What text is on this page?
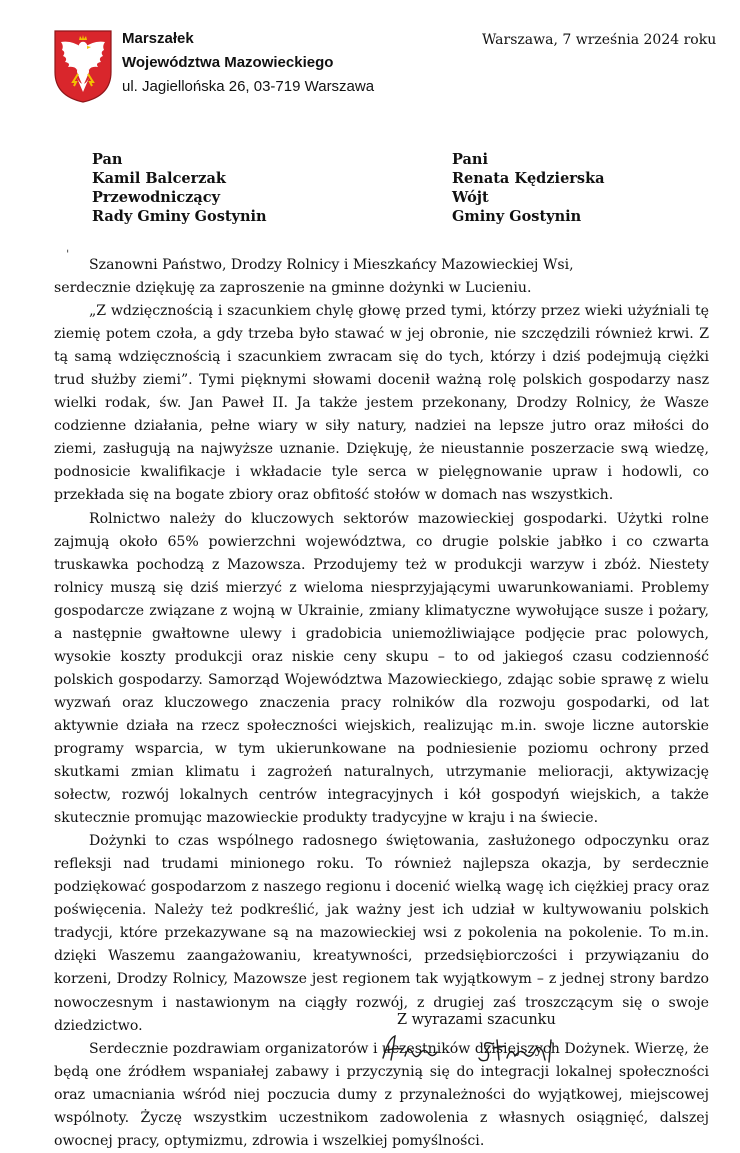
Marszałek
Województwa Mazowieckiego
ul. Jagiellońska 26, 03-719 Warszawa
Warszawa, 7 września 2024 roku
Pan
Kamil Balcerzak
Przewodniczący
Rady Gminy Gostynin
Pani
Renata Kędzierska
Wójt
Gminy Gostynin
ˌ

Szanowni Państwo, Drodzy Rolnicy i Mieszkańcy Mazowieckiej Wsi,

serdecznie dziękuję za zaproszenie na gminne dożynki w Lucieniu.

„Z wdzięcznością i szacunkiem chylę głowę przed tymi, którzy przez wieki użyźniali tę ziemię potem czoła, a gdy trzeba było stawać w jej obronie, nie szczędzili również krwi. Z tą samą wdzięcznością i szacunkiem zwracam się do tych, którzy i dziś podejmują ciężki trud służby ziemi”. Tymi pięknymi słowami docenił ważną rolę polskich gospodarzy nasz wielki rodak, św. Jan Paweł II. Ja także jestem przekonany, Drodzy Rolnicy, że Wasze codzienne działania, pełne wiary w siły natury, nadziei na lepsze jutro oraz miłości do ziemi, zasługują na najwyższe uznanie. Dziękuję, że nieustannie poszerzacie swą wiedzę, podnosicie kwalifikacje i wkładacie tyle serca w pielęgnowanie upraw i hodowli, co przekłada się na bogate zbiory oraz obfitość stołów w domach nas wszystkich.

Rolnictwo należy do kluczowych sektorów mazowieckiej gospodarki. Użytki rolne zajmują około 65% powierzchni województwa, co drugie polskie jabłko i co czwarta truskawka pochodzą z Mazowsza. Przodujemy też w produkcji warzyw i zbóż. Niestety rolnicy muszą się dziś mierzyć z wieloma niesprzyjającymi uwarunkowaniami. Problemy gospodarcze związane z wojną w Ukrainie, zmiany klimatyczne wywołujące susze i pożary, a następnie gwałtowne ulewy i gradobicia uniemożliwiające podjęcie prac polowych, wysokie koszty produkcji oraz niskie ceny skupu – to od jakiegoś czasu codzienność polskich gospodarzy. Samorząd Województwa Mazowieckiego, zdając sobie sprawę z wielu wyzwań oraz kluczowego znaczenia pracy rolników dla rozwoju gospodarki, od lat aktywnie działa na rzecz społeczności wiejskich, realizując m.in. swoje liczne autorskie programy wsparcia, w tym ukierunkowane na podniesienie poziomu ochrony przed skutkami zmian klimatu i zagrożeń naturalnych, utrzymanie melioracji, aktywizację sołectw, rozwój lokalnych centrów integracyjnych i kół gospodyń wiejskich, a także skutecznie promując mazowieckie produkty tradycyjne w kraju i na świecie.

Dożynki to czas wspólnego radosnego świętowania, zasłużonego odpoczynku oraz refleksji nad trudami minionego roku. To również najlepsza okazja, by serdecznie podziękować gospodarzom z naszego regionu i docenić wielką wagę ich ciężkiej pracy oraz poświęcenia. Należy też podkreślić, jak ważny jest ich udział w kultywowaniu polskich tradycji, które przekazywane są na mazowieckiej wsi z pokolenia na pokolenie. To m.in. dzięki Waszemu zaangażowaniu, kreatywności, przedsiębiorczości i przywiązaniu do korzeni, Drodzy Rolnicy, Mazowsze jest regionem tak wyjątkowym – z jednej strony bardzo nowoczesnym i nastawionym na ciągły rozwój, z drugiej zaś troszczącym się o swoje dziedzictwo.

Serdecznie pozdrawiam organizatorów i uczestników dzisiejszych Dożynek. Wierzę, że będą one źródłem wspaniałej zabawy i przyczynią się do integracji lokalnej społeczności oraz umacniania wśród niej poczucia dumy z przynależności do wyjątkowej, miejscowej wspólnoty. Życzę wszystkim uczestnikom zadowolenia z własnych osiągnięć, dalszej owocnej pracy, optymizmu, zdrowia i wszelkiej pomyślności.

Z wyrazami szacunku
